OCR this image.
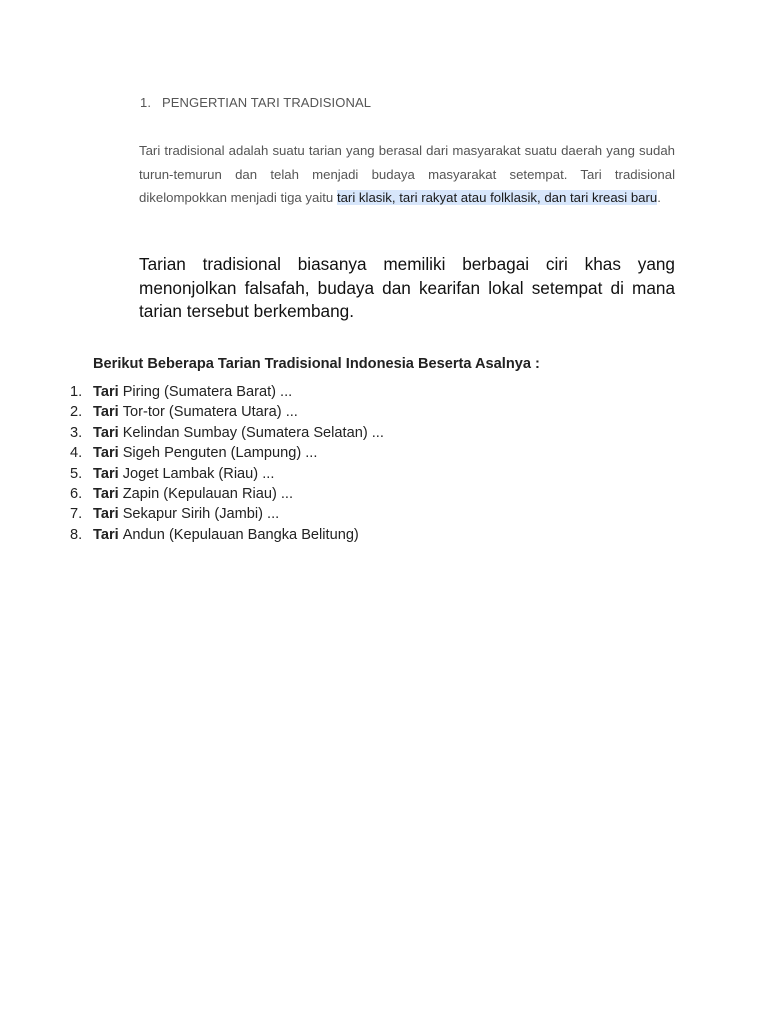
1. PENGERTIAN TARI TRADISIONAL
Tari tradisional adalah suatu tarian yang berasal dari masyarakat suatu daerah yang sudah turun-temurun dan telah menjadi budaya masyarakat setempat. Tari tradisional dikelompokkan menjadi tiga yaitu tari klasik, tari rakyat atau folklasik, dan tari kreasi baru.
Tarian tradisional biasanya memiliki berbagai ciri khas yang menonjolkan falsafah, budaya dan kearifan lokal setempat di mana tarian tersebut berkembang.
Berikut Beberapa Tarian Tradisional Indonesia Beserta Asalnya :
1. Tari Piring (Sumatera Barat) ...
2. Tari Tor-tor (Sumatera Utara) ...
3. Tari Kelindan Sumbay (Sumatera Selatan) ...
4. Tari Sigeh Penguten (Lampung) ...
5. Tari Joget Lambak (Riau) ...
6. Tari Zapin (Kepulauan Riau) ...
7. Tari Sekapur Sirih (Jambi) ...
8. Tari Andun (Kepulauan Bangka Belitung)
